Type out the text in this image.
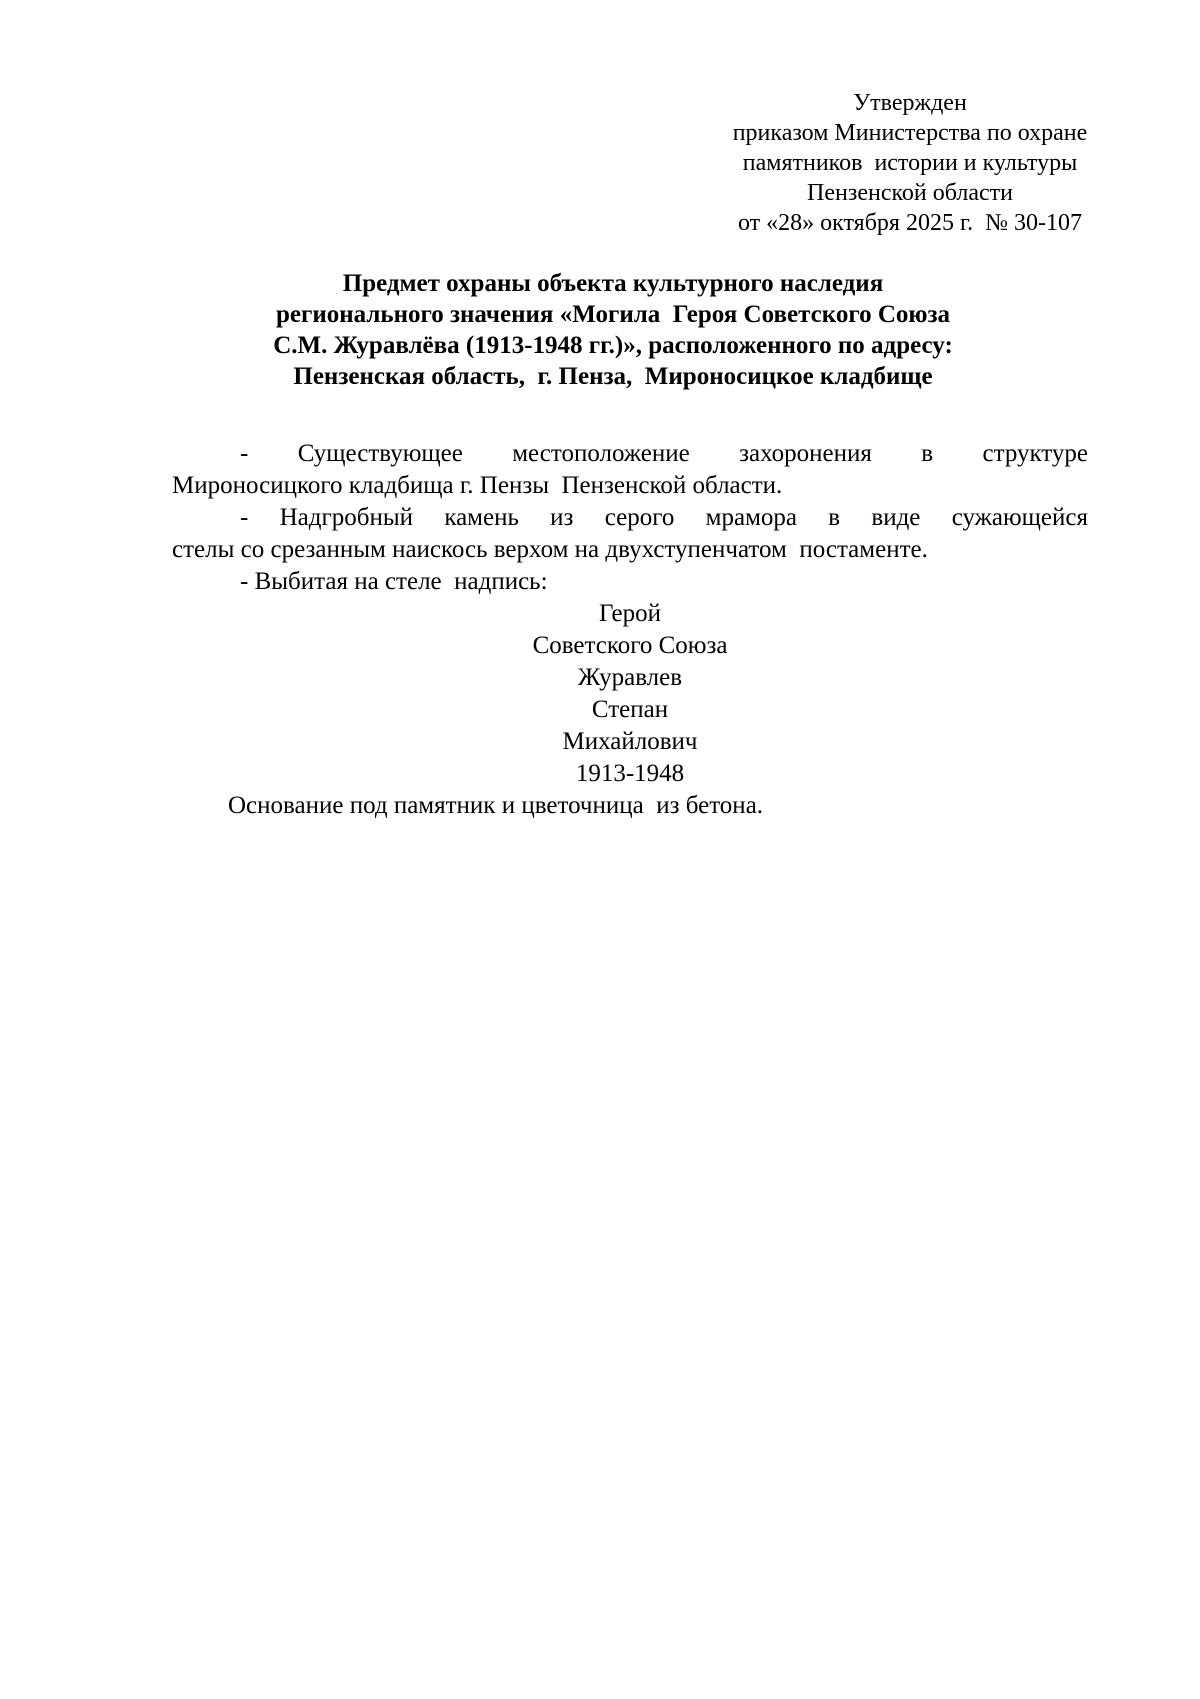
Утвержден
приказом Министерства по охране
памятников  истории и культуры
Пензенской области
от «28» октября 2025 г.  № 30-107
Предмет охраны объекта культурного наследия
регионального значения «Могила  Героя Советского Союза
С.М. Журавлёва (1913-1948 гг.)», расположенного по адресу:
Пензенская область,  г. Пенза,  Мироносицкое кладбище
- Существующее местоположение захоронения в структуре
Мироносицкого кладбища г. Пензы  Пензенской области.
- Надгробный камень из серого мрамора в виде сужающейся
стелы со срезанным наискось верхом на двухступенчатом  постаменте.
- Выбитая на стеле  надпись:
Герой
Советского Союза
Журавлев
Степан
Михайлович
1913-1948
Основание под памятник и цветочница  из бетона.
